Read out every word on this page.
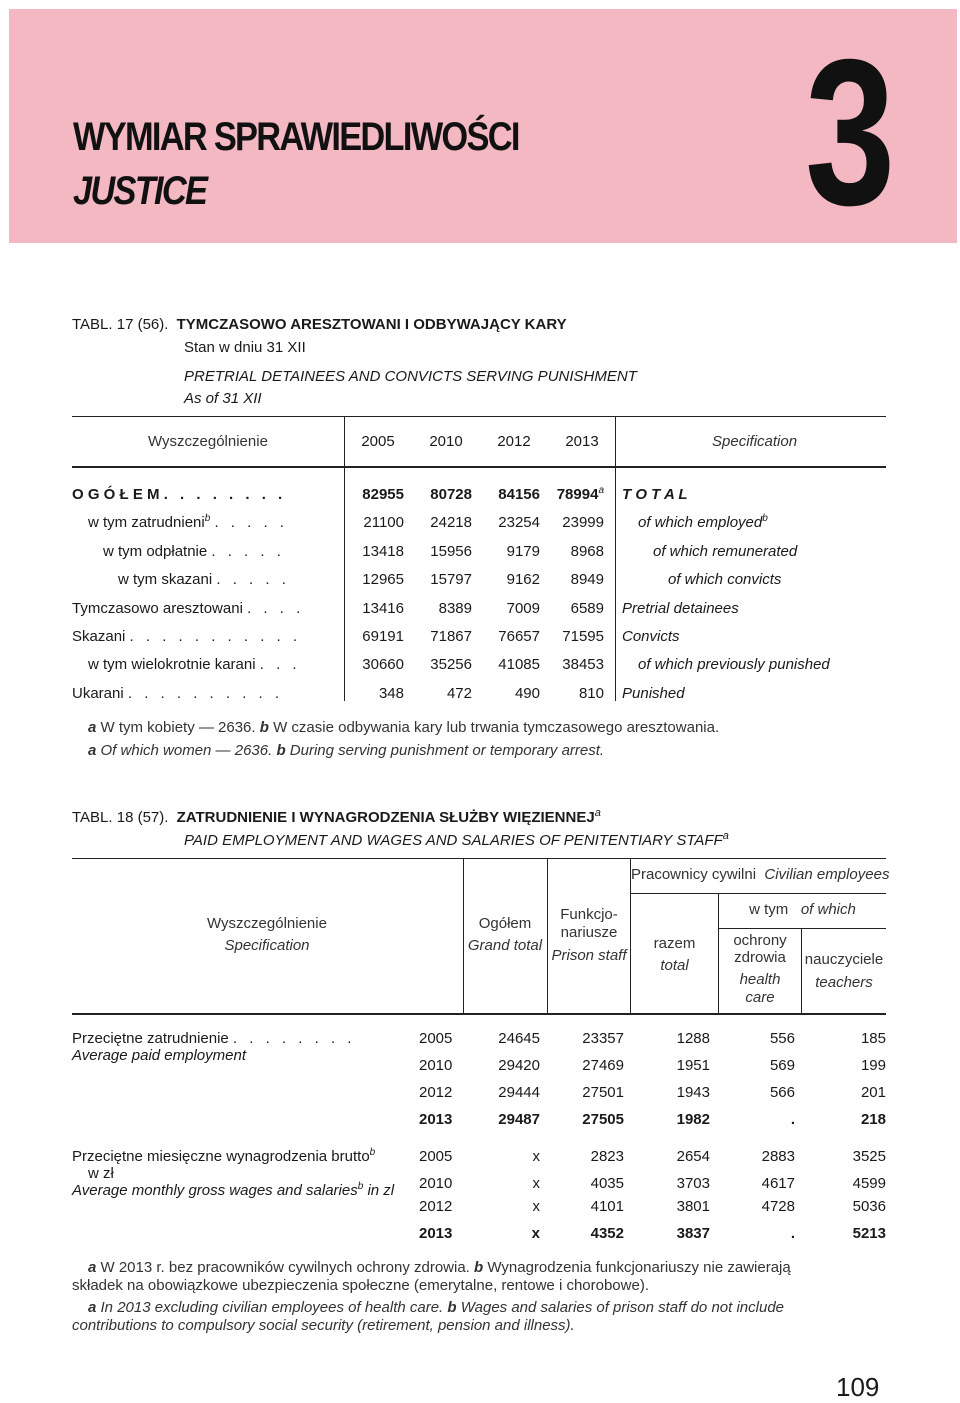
WYMIAR SPRAWIEDLIWOŚCI
JUSTICE	3
TABL. 17 (56). TYMCZASOWO ARESZTOWANI I ODBYWAJĄCY KARY
Stan w dniu 31 XII
PRETRIAL DETAINEES AND CONVICTS SERVING PUNISHMENT
As of 31 XII
Wyszczególnienie	Specification
2005	2010	2012	2013
O G Ó Ł E M . . . . . . . .	82955	80728	84156	78994$^a$ T O T A L
w tym zatrudnieni$^b$ . . . . .	21100	24218	23254	23999 of which employed$^b$
w tym odpłatnie . . . . .	13418	15956	9179	8968	of which remunerated
w tym skazani . . . . .	12965	15797	9162	8949	of which convicts
Tymczasowo aresztowani . . . .	13416	8389	7009	6589 Pretrial detainees
Skazani . . . . . . . . . . .	69191	71867	76657	71595 Convicts
w tym wielokrotnie karani . . .	30660	35256	41085	38453 of which previously punished
Ukarani . . . . . . . . . .	348	472	490	810 Punished
a W tym kobiety — 2636. b W czasie odbywania kary lub trwania tymczasowego aresztowania.
a Of which women — 2636. b During serving punishment or temporary arrest.
TABL. 18 (57). ZATRUDNIENIE I WYNAGRODZENIA SŁUŻBY WIĘZIENNEJ$^a$
PAID EMPLOYMENT AND WAGES AND SALARIES OF PENITENTIARY STAFF$^a$
Wyszczególnienie
Specification
Ogółem
Grand total
Funkcjo-
nariusze
Prison staff
Pracownicy cywilni Civilian employees
razem
total
w tym of which
ochrony
zdrowia
health
care
nauczyciele
teachers
Przeciętne zatrudnienie . . . . . . . .
Average paid employment
2005	24645	23357	1288	556	185
2010	29420	27469	1951	569	199
2012	29444	27501	1943	566	201
2013	29487	27505	1982	.	218
Przeciętne miesięczne wynagrodzenia brutto$^b$
w zł
Average monthly gross wages and salaries$^b$ in zl
2005	x	2823	2654	2883	3525
2010	x	4035	3703	4617	4599
2012	x	4101	3801	4728	5036
2013	x	4352	3837	.	5213
a W 2013 r. bez pracowników cywilnych ochrony zdrowia. b Wynagrodzenia funkcjonariuszy nie zawierają
składek na obowiązkowe ubezpieczenia społeczne (emerytalne, rentowe i chorobowe).
a In 2013 excluding civilian employees of health care. b Wages and salaries of prison staff do not include
contributions to compulsory social security (retirement, pension and illness).
109
